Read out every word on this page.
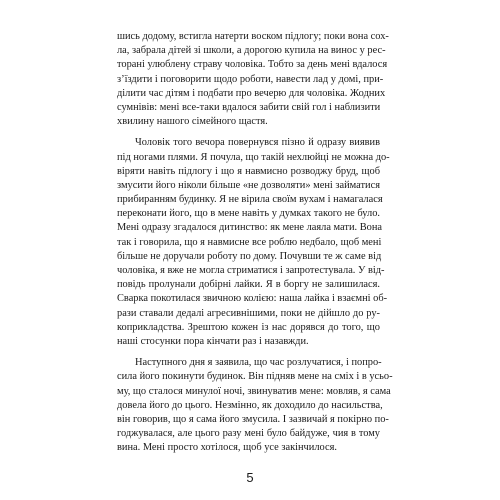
шись додому, встигла натерти воском підлогу; поки вона сох-
ла, забрала дітей зі школи, а дорогою купила на винос у рес-
торані улюблену страву чоловіка. Тобто за день мені вдалося
з’їздити і поговорити щодо роботи, навести лад у домі, при-
ділити час дітям і подбати про вечерю для чоловіка. Жодних
сумнівів: мені все-таки вдалося забити свій гол і наблизити
хвилину нашого сімейного щастя.
Чоловік того вечора повернувся пізно й одразу виявив
під ногами плями. Я почула, що такій нехлюйці не можна до-
віряти навіть підлогу і що я навмисно розводжу бруд, щоб
змусити його ніколи більше «не дозволяти» мені займатися
прибиранням будинку. Я не вірила своїм вухам і намагалася
переконати його, що в мене навіть у думках такого не було.
Мені одразу згадалося дитинство: як мене лаяла мати. Вона
так і говорила, що я навмисне все роблю недбало, щоб мені
більше не доручали роботу по дому. Почувши те ж саме від
чоловіка, я вже не могла стриматися і запротестувала. У від-
повідь пролунали добірні лайки. Я в боргу не залишилася.
Сварка покотилася звичною колією: наша лайка і взаємні об-
рази ставали дедалі агресивнішими, поки не дійшло до ру-
коприкладства. Зрештою кожен із нас дорявся до того, що
наші стосунки пора кінчати раз і назавжди.
Наступного дня я заявила, що час розлучатися, і попро-
сила його покинути будинок. Він підняв мене на сміх і в усьо-
му, що сталося минулої ночі, звинуватив мене: мовляв, я сама
довела його до цього. Незмінно, як доходило до насильства,
він говорив, що я сама його змусила. І зазвичай я покірно по-
годжувалася, але цього разу мені було байдуже, чия в тому
вина. Мені просто хотілося, щоб усе закінчилося.
5
